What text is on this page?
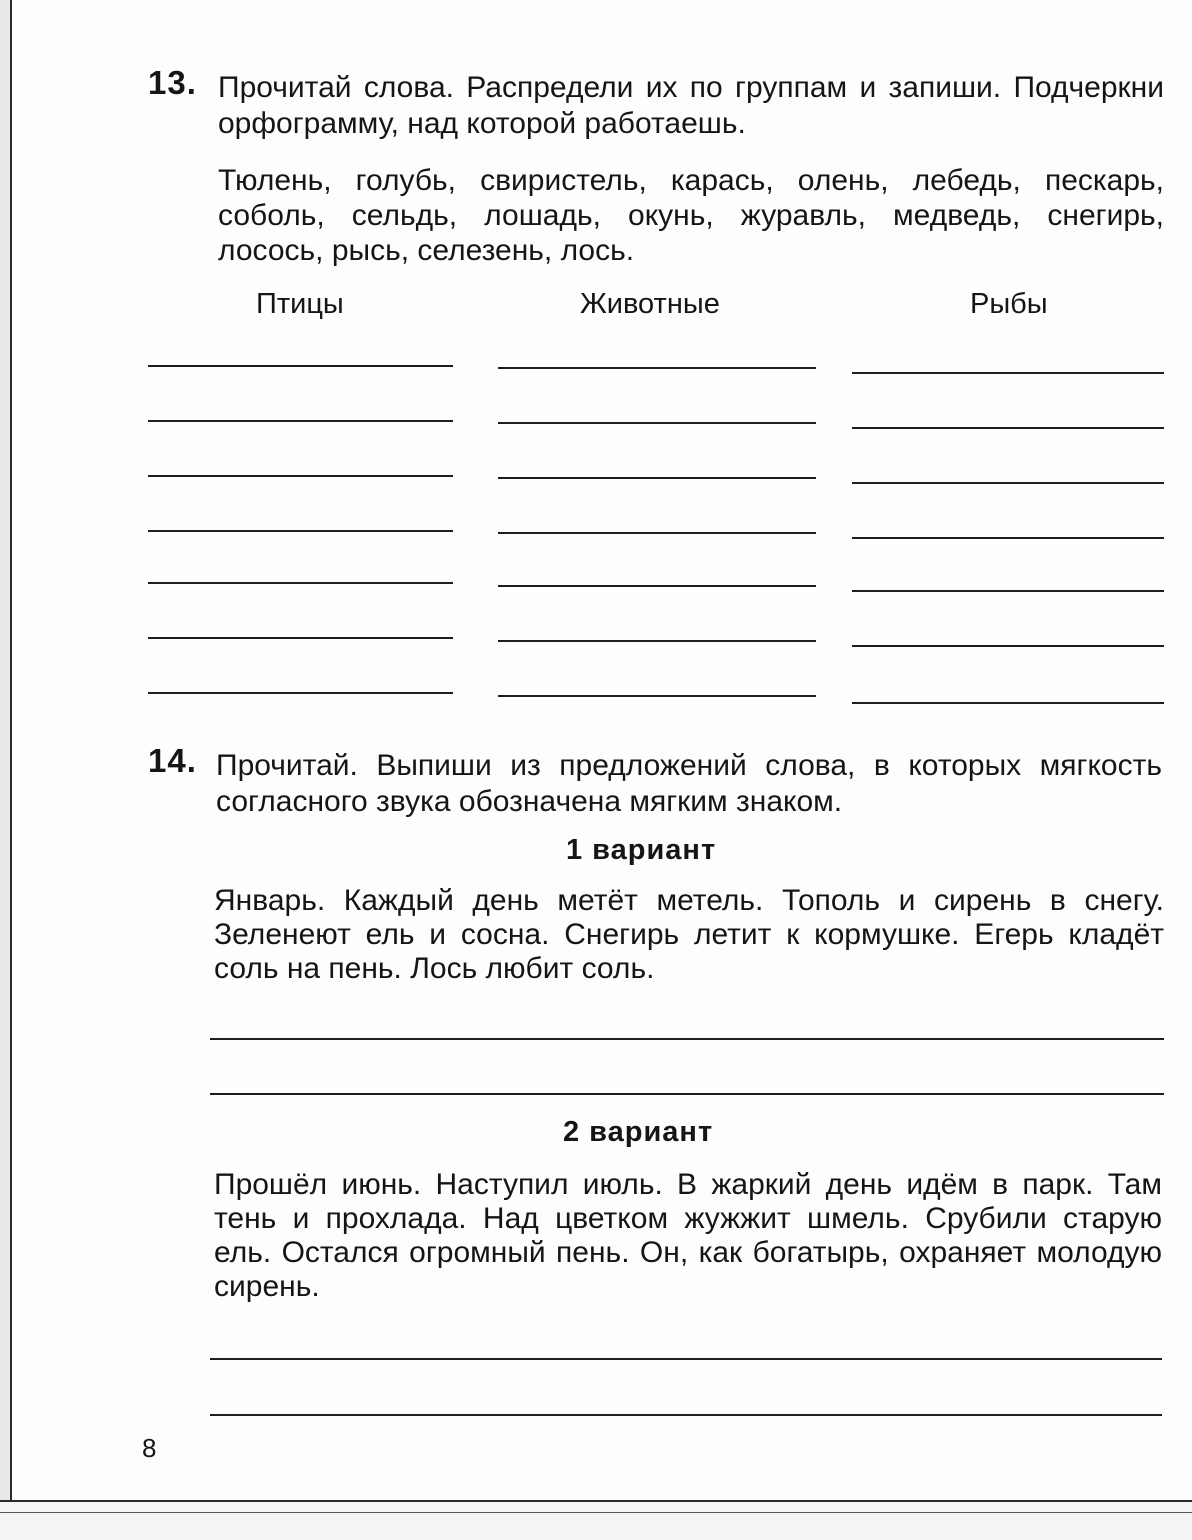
13. Прочитай слова. Распредели их по группам и запиши. Подчеркни орфограмму, над которой работаешь.
Тюлень, голубь, свиристель, карась, олень, лебедь, пескарь, соболь, сельдь, лошадь, окунь, журавль, медведь, снегирь, лосось, рысь, селезень, лось.
Птицы	Животные	Рыбы
14. Прочитай. Выпиши из предложений слова, в которых мягкость согласного звука обозначена мягким знаком.
1 вариант
Январь. Каждый день метёт метель. Тополь и сирень в снегу. Зеленеют ель и сосна. Снегирь летит к кормушке. Егерь кладёт соль на пень. Лось любит соль.
2 вариант
Прошёл июнь. Наступил июль. В жаркий день идём в парк. Там тень и прохлада. Над цветком жужжит шмель. Срубили старую ель. Остался огромный пень. Он, как богатырь, охраняет молодую сирень.
8
